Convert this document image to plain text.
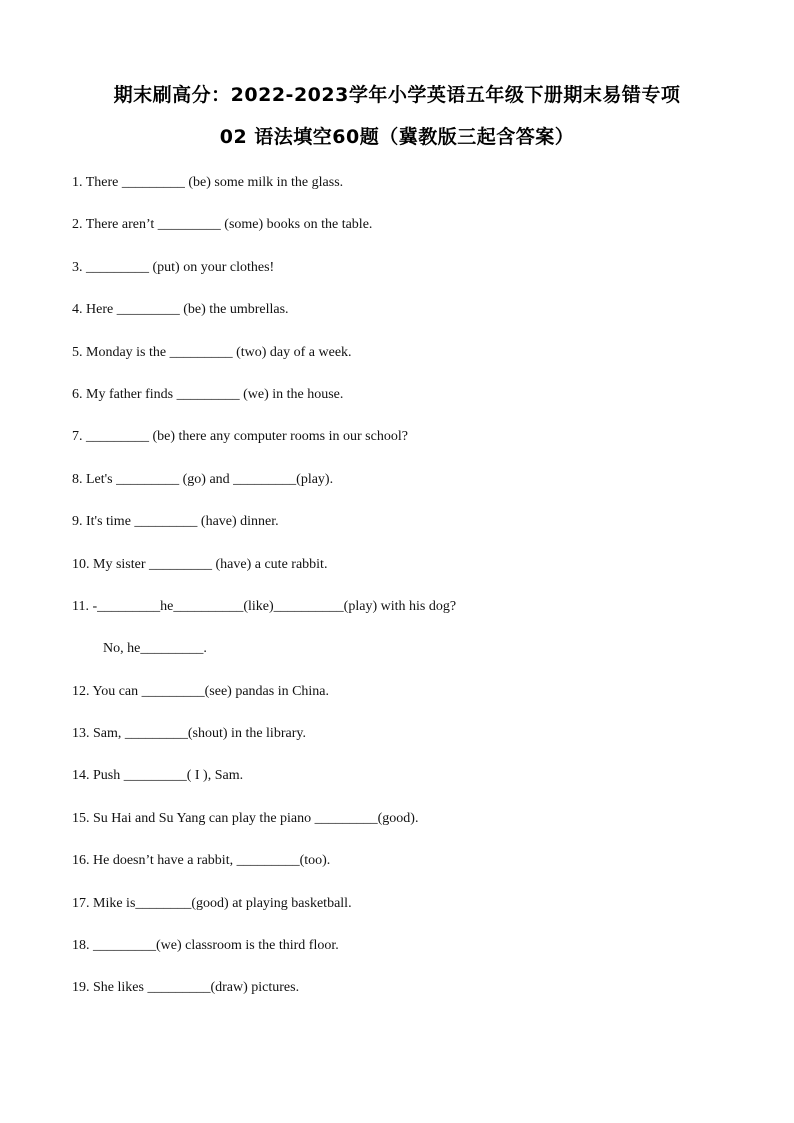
期末刷高分：2022-2023学年小学英语五年级下册期末易错专项
02 语法填空60题（冀教版三起含答案）
1. There _________ (be) some milk in the glass.
2. There aren’t _________ (some) books on the table.
3. _________ (put) on your clothes!
4. Here _________ (be) the umbrellas.
5. Monday is the _________ (two) day of a week.
6. My father finds _________ (we) in the house.
7. _________ (be) there any computer rooms in our school?
8. Let's _________ (go) and _________(play).
9. It's time _________ (have) dinner.
10. My sister _________ (have) a cute rabbit.
11. -_________he__________(like)__________(play) with his dog?
No, he_________.
12. You can _________(see) pandas in China.
13. Sam, _________(shout) in the library.
14. Push _________( I ), Sam.
15. Su Hai and Su Yang can play the piano _________(good).
16. He doesn’t have a rabbit, _________(too).
17. Mike is________(good) at playing basketball.
18. _________(we) classroom is the third floor.
19. She likes _________(draw) pictures.
